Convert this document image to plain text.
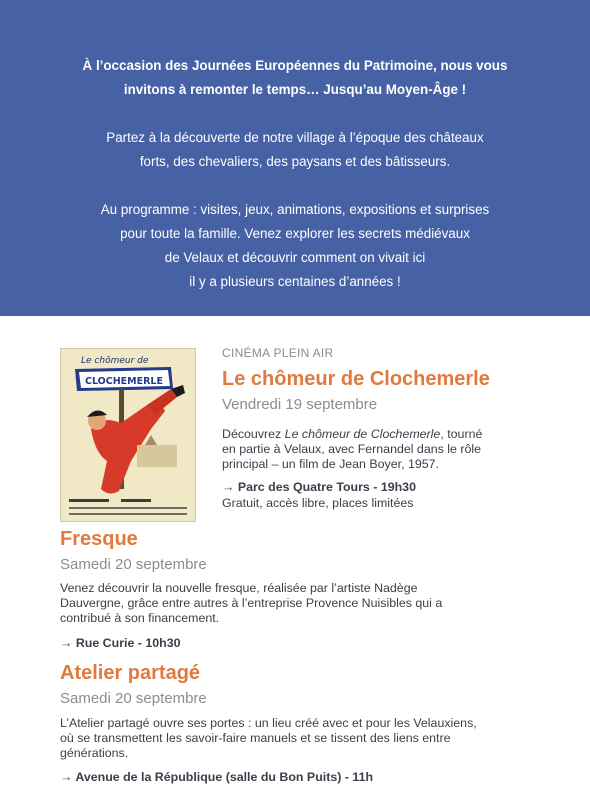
À l’occasion des Journées Européennes du Patrimoine, nous vous

invitons à remonter le temps… Jusqu’au Moyen-Âge !

Partez à la découverte de notre village à l’époque des châteaux

forts, des chevaliers, des paysans et des bâtisseurs.

Au programme : visites, jeux, animations, expositions et surprises

pour toute la famille. Venez explorer les secrets médiévaux

de Velaux et découvrir comment on vivait ici

il y a plusieurs centaines d’années !

Le chômeur de
CLOCHEMERLE
CINÉMA PLEIN AIR

Le chômeur de Clochemerle

Vendredi 19 septembre

Découvrez Le chômeur de Clochemerle, tourné
en partie à Velaux, avec Fernandel dans le rôle
principal – un film de Jean Boyer, 1957.

→ Parc des Quatre Tours - 19h30

Gratuit, accès libre, places limitées

Fresque

Samedi 20 septembre

Venez découvrir la nouvelle fresque, réalisée par l’artiste Nadège
Dauvergne, grâce entre autres à l’entreprise Provence Nuisibles qui a
contribué à son financement.

→ Rue Curie - 10h30

Atelier partagé

Samedi 20 septembre

L’Atelier partagé ouvre ses portes : un lieu créé avec et pour les Velauxiens,
où se transmettent les savoir-faire manuels et se tissent des liens entre
générations.

→ Avenue de la République (salle du Bon Puits) - 11h
